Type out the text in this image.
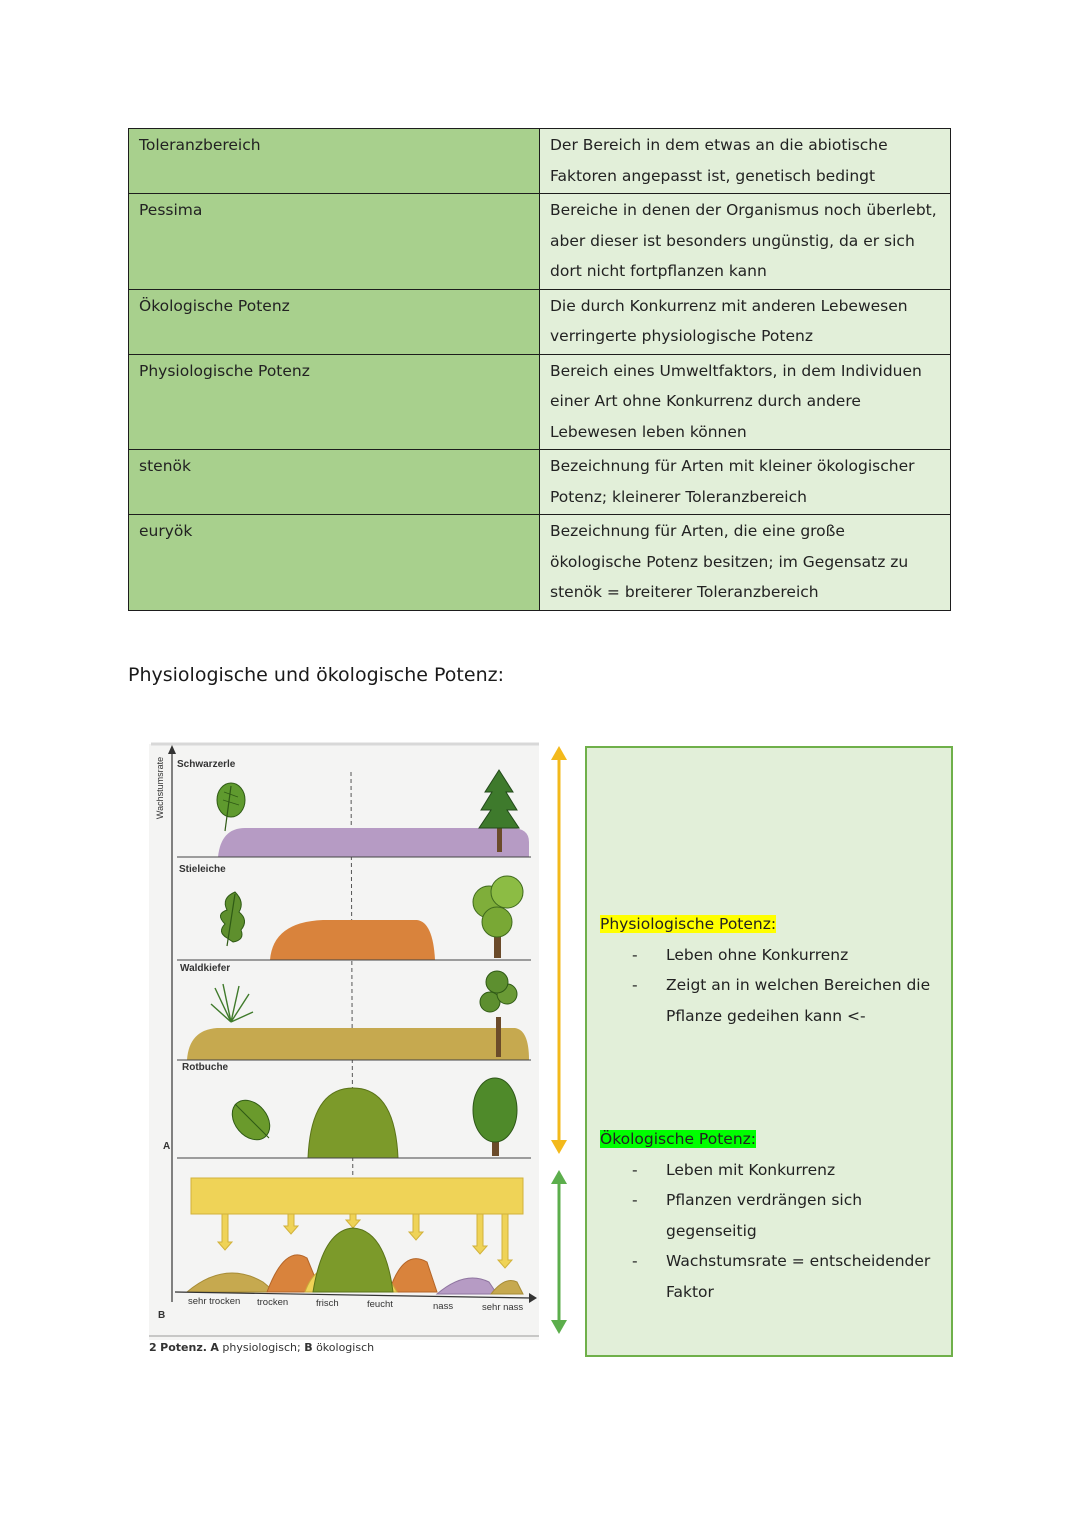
Toleranzbereich	Der Bereich in dem etwas an die abiotische Faktoren angepasst ist, genetisch bedingt
Pessima	Bereiche in denen der Organismus noch überlebt, aber dieser ist besonders ungünstig, da er sich dort nicht fortpflanzen kann
Ökologische Potenz	Die durch Konkurrenz mit anderen Lebewesen verringerte physiologische Potenz
Physiologische Potenz	Bereich eines Umweltfaktors, in dem Individuen einer Art ohne Konkurrenz durch andere Lebewesen leben können
stenök	Bezeichnung für Arten mit kleiner ökologischer Potenz; kleinerer Toleranzbereich
euryök	Bezeichnung für Arten, die eine große ökologische Potenz besitzen; im Gegensatz zu stenök = breiterer Toleranzbereich
Physiologische und ökologische Potenz:
Wachstumsrate Schwarzerle
Stieleiche
Waldkiefer
Rotbuche
A
sehr trocken trocken	frisch	feucht	nass	sehr nass
B
2 Potenz. A physiologisch; B ökologisch
Physiologische Potenz:
- Leben ohne Konkurrenz
- Zeigt an in welchen Bereichen die Pflanze gedeihen kann <-
Ökologische Potenz:
- Leben mit Konkurrenz
- Pflanzen verdrängen sich gegenseitig
- Wachstumsrate = entscheidender Faktor
